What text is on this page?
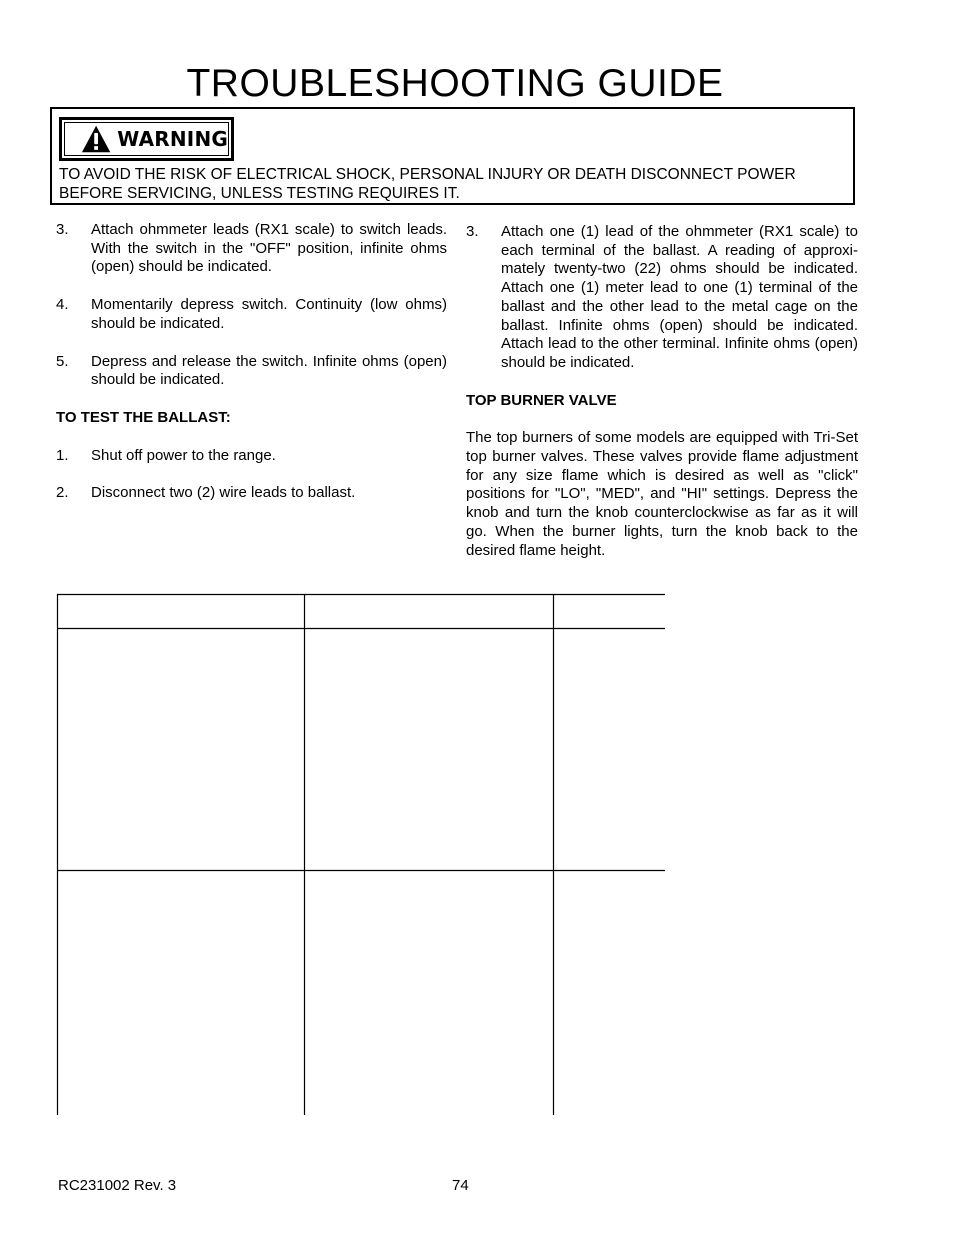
TROUBLESHOOTING GUIDE
WARNING
TO AVOID THE RISK OF ELECTRICAL SHOCK, PERSONAL INJURY OR DEATH DISCONNECT POWER
BEFORE SERVICING, UNLESS TESTING REQUIRES IT.
3. Attach ohmmeter leads (RX1 scale) to switch leads. With the switch in the "OFF" position, infinite ohms (open) should be indicated.
4. Momentarily depress switch. Continuity (low ohms) should be indicated.
5. Depress and release the switch. Infinite ohms (open) should be indicated.
TO TEST THE BALLAST:
1. Shut off power to the range.
2. Disconnect two (2) wire leads to ballast.
3. Attach one (1) lead of the ohmmeter (RX1 scale) to each terminal of the ballast. A reading of approxi-mately twenty-two (22) ohms should be indicated. Attach one (1) meter lead to one (1) terminal of the ballast and the other lead to the metal cage on the ballast. Infinite ohms (open) should be indicated. Attach lead to the other terminal. Infinite ohms (open) should be indicated.
TOP BURNER VALVE
The top burners of some models are equipped with Tri-Set top burner valves. These valves provide flame adjustment for any size flame which is desired as well as "click" positions for "LO", "MED", and "HI" settings. Depress the knob and turn the knob counterclockwise as far as it will go. When the burner lights, turn the knob back to the desired flame height.
RC231002 Rev. 3	74
